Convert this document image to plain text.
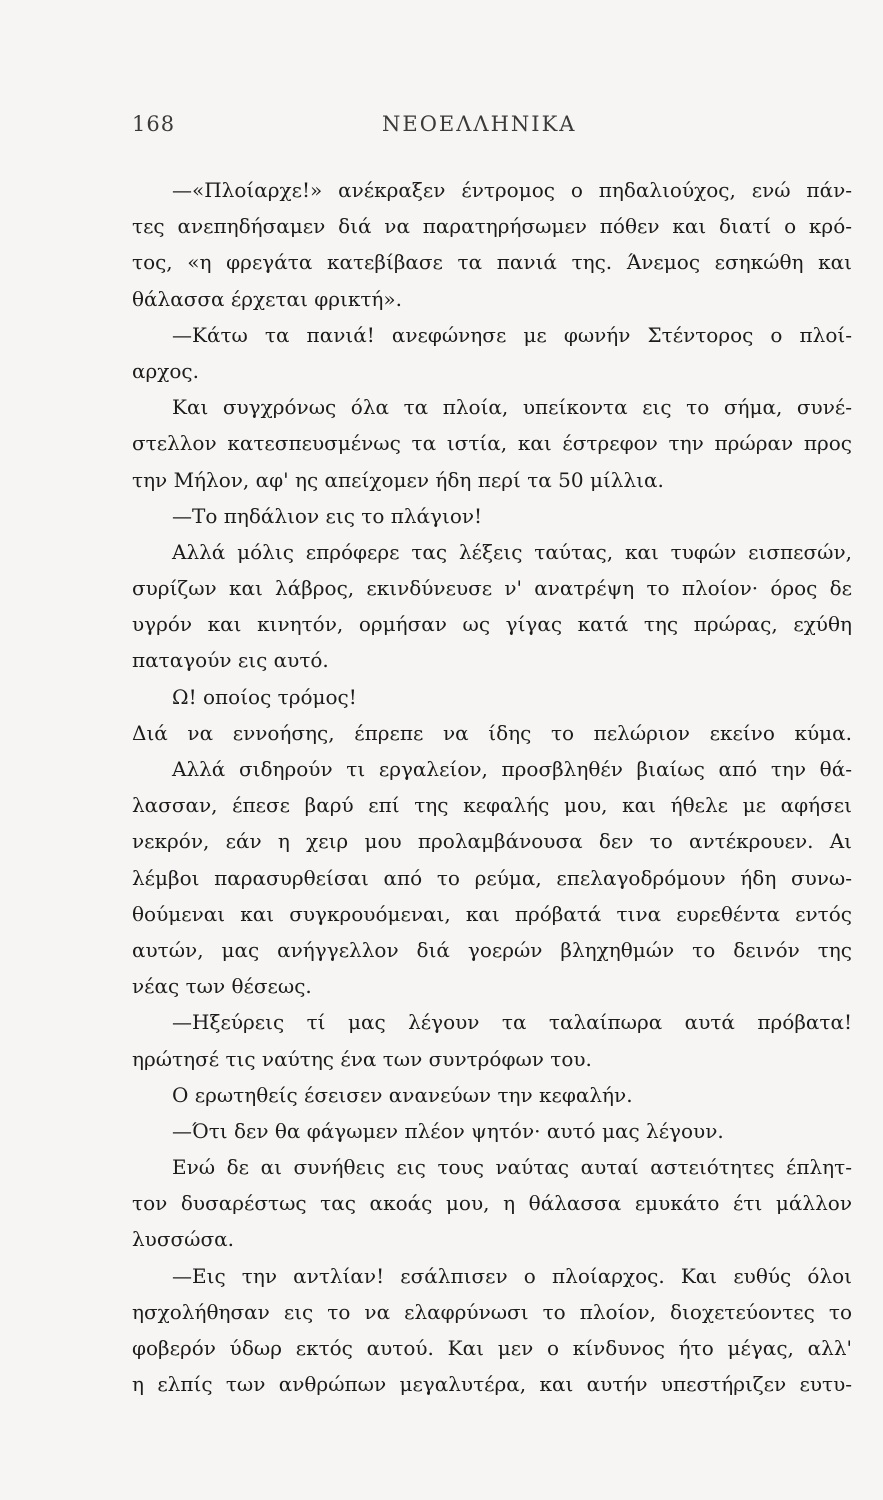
168	ΝΕΟΕΛΛΗΝΙΚΑ
—«Πλοίαρχε!» ανέκραξεν έντρομος ο πηδαλιούχος, ενώ πάν-
τες ανεπηδήσαμεν διά να παρατηρήσωμεν πόθεν και διατί ο κρό-
τος, «η φρεγάτα κατεβίβασε τα πανιά της. Άνεμος εσηκώθη και
θάλασσα έρχεται φρικτή».
—Κάτω τα πανιά! ανεφώνησε με φωνήν Στέντορος ο πλοί-
αρχος.
Και συγχρόνως όλα τα πλοία, υπείκοντα εις το σήμα, συνέ-
στελλον κατεσπευσμένως τα ιστία, και έστρεφον την πρώραν προς
την Μήλον, αφ' ης απείχομεν ήδη περί τα 50 μίλλια.
—Το πηδάλιον εις το πλάγιον!
Αλλά μόλις επρόφερε τας λέξεις ταύτας, και τυφών εισπεσών,
συρίζων και λάβρος, εκινδύνευσε ν' ανατρέψη το πλοίον· όρος δε
υγρόν και κινητόν, ορμήσαν ως γίγας κατά της πρώρας, εχύθη
παταγούν εις αυτό.
Ω! οποίος τρόμος!
Διά να εννοήσης, έπρεπε να ίδης το πελώριον εκείνο κύμα.
Αλλά σιδηρούν τι εργαλείον, προσβληθέν βιαίως από την θά-
λασσαν, έπεσε βαρύ επί της κεφαλής μου, και ήθελε με αφήσει
νεκρόν, εάν η χειρ μου προλαμβάνουσα δεν το αντέκρουεν. Αι
λέμβοι παρασυρθείσαι από το ρεύμα, επελαγοδρόμουν ήδη συνω-
θούμεναι και συγκρουόμεναι, και πρόβατά τινα ευρεθέντα εντός
αυτών, μας ανήγγελλον διά γοερών βληχηθμών το δεινόν της
νέας των θέσεως.
—Ηξεύρεις τί μας λέγουν τα ταλαίπωρα αυτά πρόβατα!
ηρώτησέ τις ναύτης ένα των συντρόφων του.
Ο ερωτηθείς έσεισεν ανανεύων την κεφαλήν.
—Ότι δεν θα φάγωμεν πλέον ψητόν· αυτό μας λέγουν.
Ενώ δε αι συνήθεις εις τους ναύτας αυταί αστειότητες έπλητ-
τον δυσαρέστως τας ακοάς μου, η θάλασσα εμυκάτο έτι μάλλον
λυσσώσα.
—Εις την αντλίαν! εσάλπισεν ο πλοίαρχος. Και ευθύς όλοι
ησχολήθησαν εις το να ελαφρύνωσι το πλοίον, διοχετεύοντες το
φοβερόν ύδωρ εκτός αυτού. Και μεν ο κίνδυνος ήτο μέγας, αλλ'
η ελπίς των ανθρώπων μεγαλυτέρα, και αυτήν υπεστήριζεν ευτυ-
